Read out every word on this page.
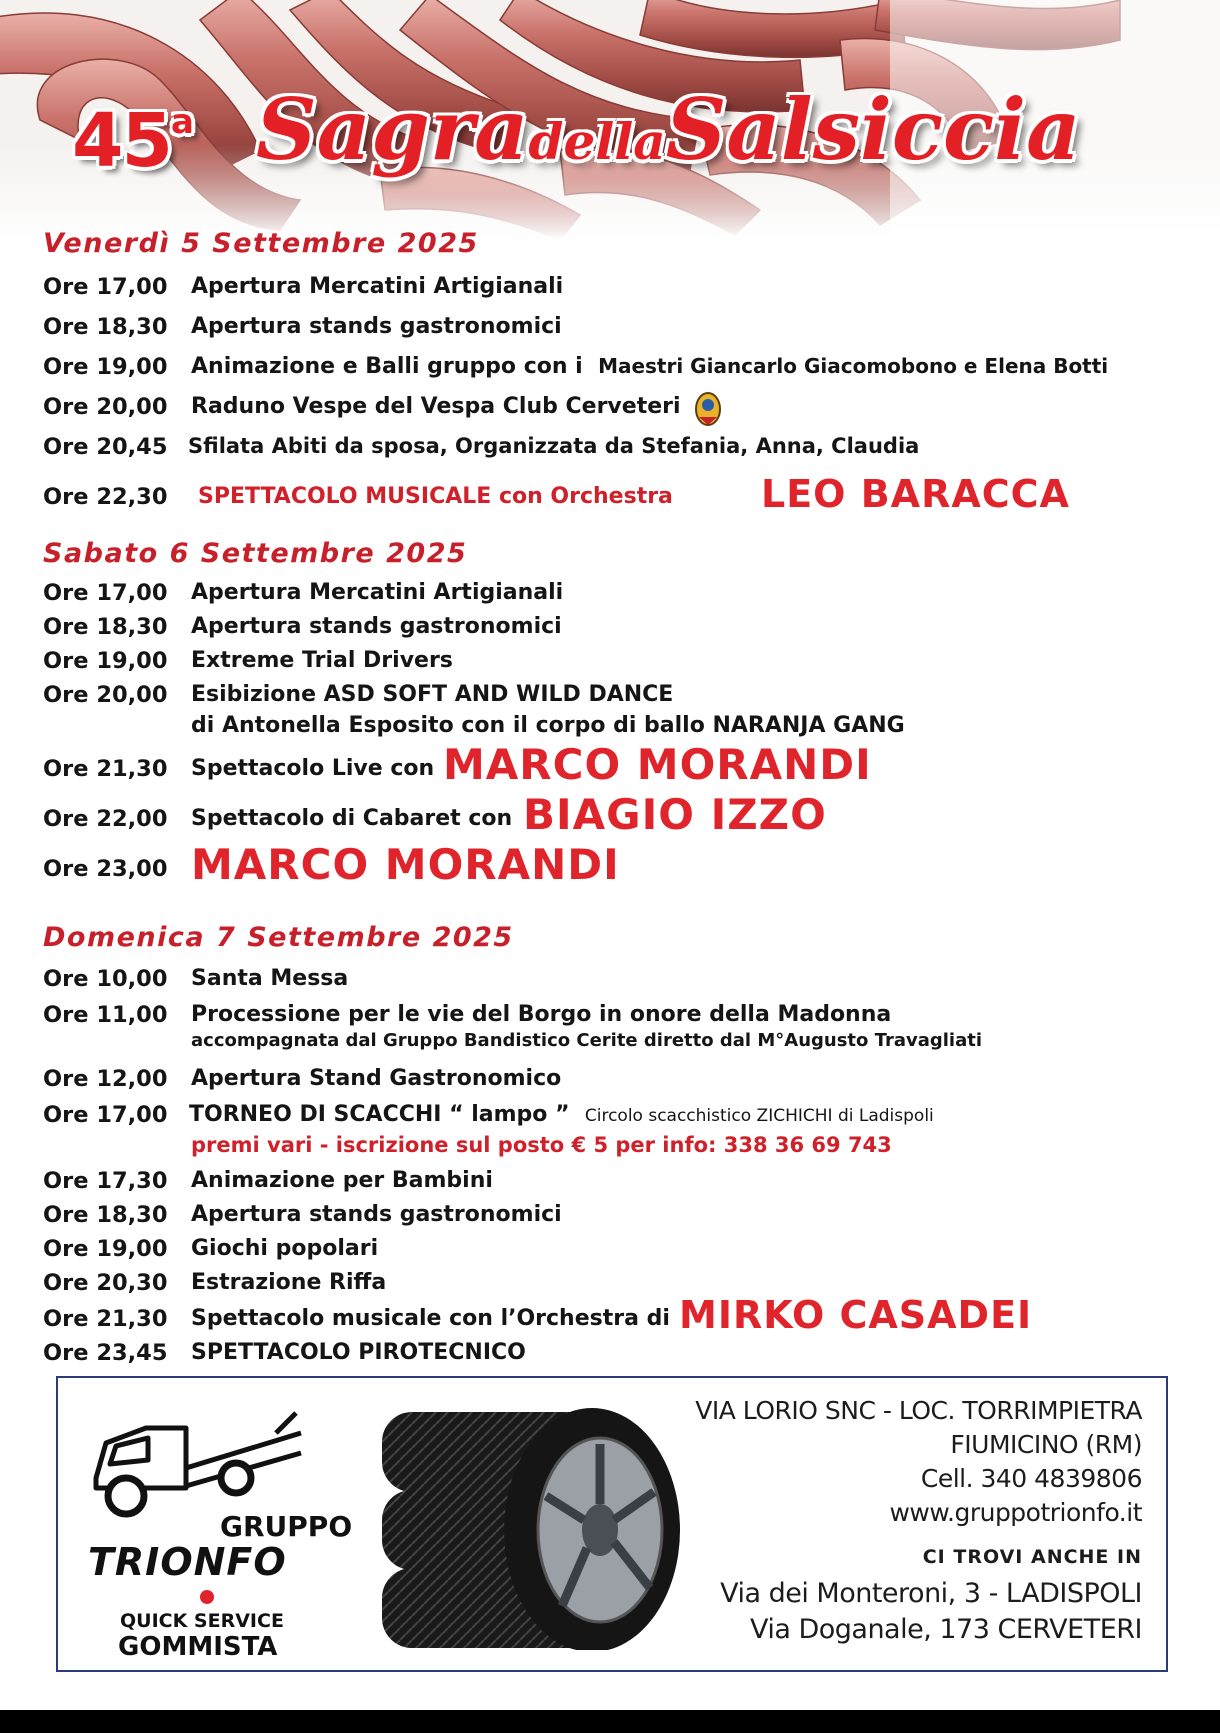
45$^a$ SagradellaSalsiccia
Venerdì 5 Settembre 2025
Ore 17,00 Apertura Mercatini Artigianali
Ore 18,30 Apertura stands gastronomici
Ore 19,00 Animazione e Balli gruppo con i Maestri Giancarlo Giacomobono e Elena Botti
Ore 20,00 Raduno Vespe del Vespa Club Cerveteri
Ore 20,45 Sfilata Abiti da sposa, Organizzata da Stefania, Anna, Claudia
Ore 22,30 SPETTACOLO MUSICALE con Orchestra LEO BARACCA
Sabato 6 Settembre 2025
Ore 17,00 Apertura Mercatini Artigianali
Ore 18,30 Apertura stands gastronomici
Ore 19,00 Extreme Trial Drivers
Ore 20,00 Esibizione ASD SOFT AND WILD DANCE
di Antonella Esposito con il corpo di ballo NARANJA GANG
Ore 21,30 Spettacolo Live con MARCO MORANDI
Ore 22,00 Spettacolo di Cabaret con BIAGIO IZZO
Ore 23,00 MARCO MORANDI
Domenica 7 Settembre 2025
Ore 10,00 Santa Messa
Ore 11,00 Processione per le vie del Borgo in onore della Madonna
accompagnata dal Gruppo Bandistico Cerite diretto dal M°Augusto Travagliati
Ore 12,00 Apertura Stand Gastronomico
Ore 17,00 TORNEO DI SCACCHI “ lampo ” Circolo scacchistico ZICHICHI di Ladispoli
premi vari - iscrizione sul posto € 5 per info: 338 36 69 743
Ore 17,30 Animazione per Bambini
Ore 18,30 Apertura stands gastronomici
Ore 19,00 Giochi popolari
Ore 20,30 Estrazione Riffa
Ore 21,30 Spettacolo musicale con l’Orchestra di MIRKO CASADEI
Ore 23,45 SPETTACOLO PIROTECNICO
GRUPPO
TRIONFO
QUICK SERVICE
GOMMISTA
VIA LORIO SNC - LOC. TORRIMPIETRA
FIUMICINO (RM)
Cell. 340 4839806
www.gruppotrionfo.it
CI TROVI ANCHE IN
Via dei Monteroni, 3 - LADISPOLI
Via Doganale, 173 CERVETERI
